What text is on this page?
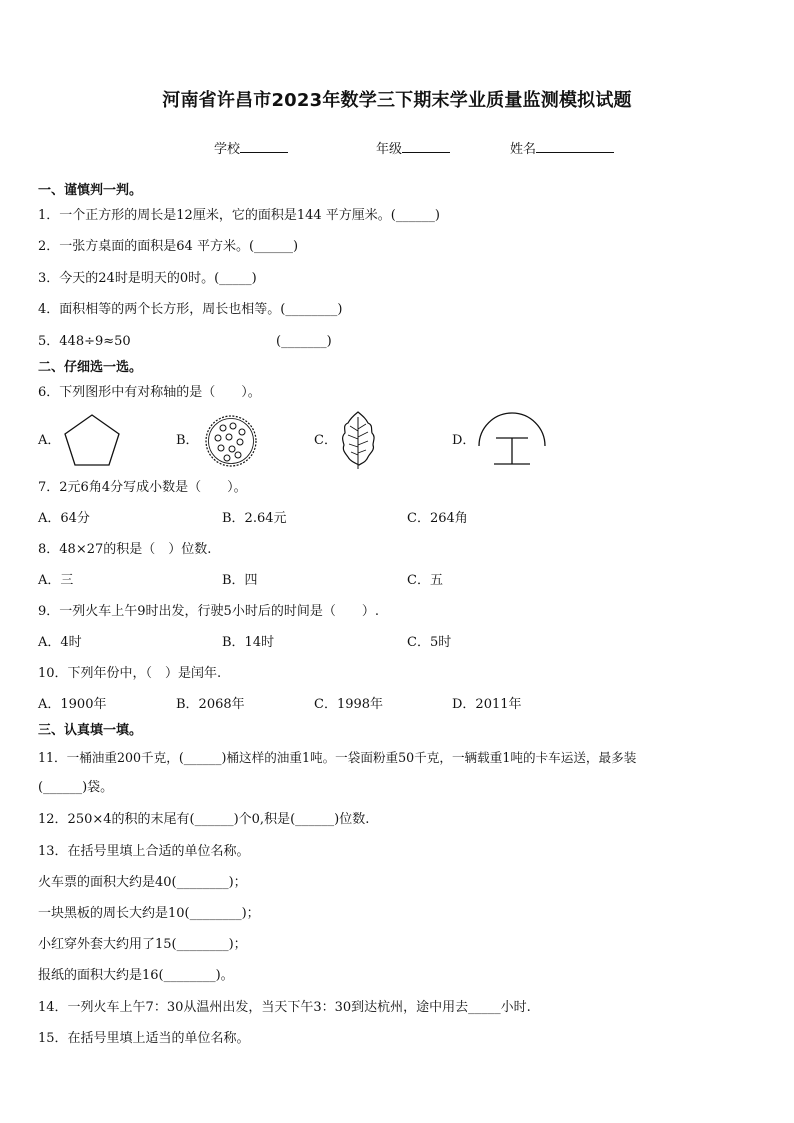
河南省许昌市2023年数学三下期末学业质量监测模拟试题
学校	年级	姓名
一、谨慎判一判。
1．一个正方形的周长是12厘米，它的面积是144 平方厘米。(______)
2．一张方桌面的面积是64 平方米。(______)
3．今天的24时是明天的0时。(_____)
4．面积相等的两个长方形，周长也相等。(________)
5．448÷9≈50	(_______)
二、仔细选一选。
6．下列图形中有对称轴的是（　　）。
A．	B．	C．	D．
7．2元6角4分写成小数是（　　）。
A．64分	B．2.64元	C．264角
8．48×27的积是（　）位数.
A．三	B．四	C．五
9．一列火车上午9时出发，行驶5小时后的时间是（　　）.
A．4时	B．14时	C．5时
10．下列年份中，（　）是闰年.
A．1900年	B．2068年	C．1998年	D．2011年
三、认真填一填。
11．一桶油重200千克，(______)桶这样的油重1吨。一袋面粉重50千克，一辆载重1吨的卡车运送，最多装
(______)袋。
12．250×4的积的末尾有(______)个0,积是(______)位数.
13．在括号里填上合适的单位名称。
火车票的面积大约是40(________)；
一块黑板的周长大约是10(________)；
小红穿外套大约用了15(________)；
报纸的面积大约是16(________)。
14．一列火车上午7：30从温州出发，当天下午3：30到达杭州，途中用去_____小时.
15．在括号里填上适当的单位名称。
